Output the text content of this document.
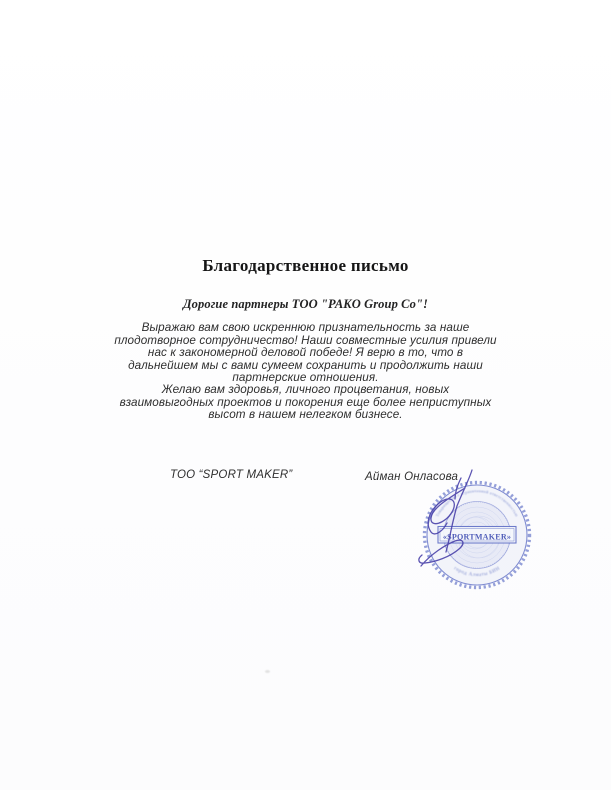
Благодарственное письмо

Дорогие партнеры ТОО "PAKO Group Co"!

Выражаю вам свою искреннюю признательность за наше плодотворное сотрудничество! Наши совместные усилия привели нас к закономерной деловой победе! Я верю в то, что в дальнейшем мы с вами сумеем сохранить и продолжить наши партнерские отношения.

Желаю вам здоровья, личного процветания, новых взаимовыгодных проектов и покорения еще более неприступных высот в нашем нелегком бизнесе.

ТОО “SPORT MAKER”	Айман Онласова
Товарищество с ограниченной ответственностью
город Алматы БИН
«SPORTMAKER»
